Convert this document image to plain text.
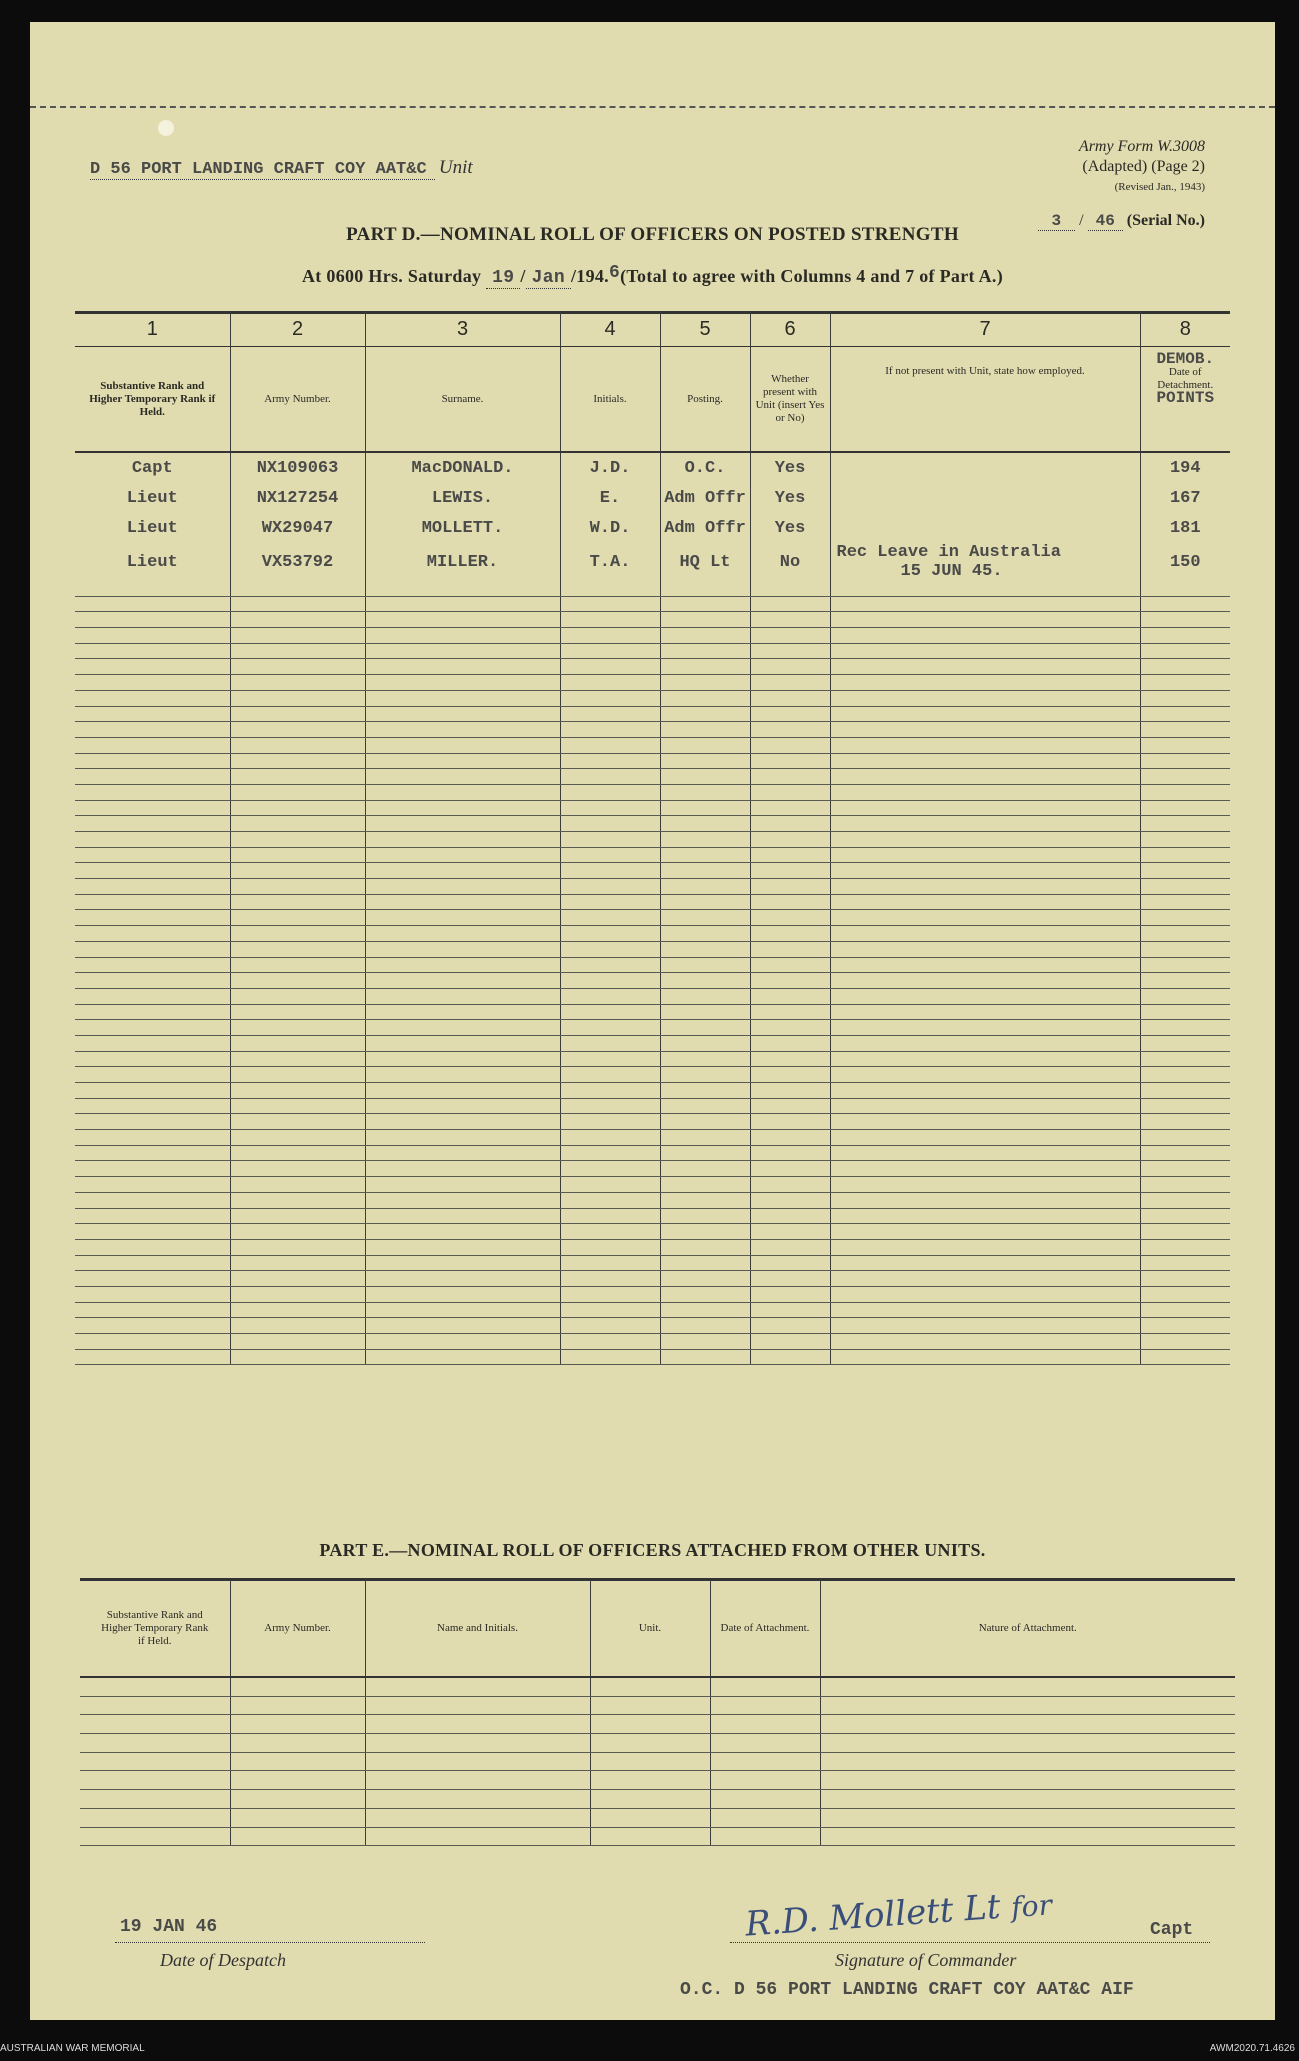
D 56 PORT LANDING CRAFT COY AAT&C Unit
Army Form W.3008
(Adapted) (Page 2)
(Revised Jan., 1943)
3 / 46 (Serial No.)
PART D.—NOMINAL ROLL OF OFFICERS ON POSTED STRENGTH
At 0600 Hrs. Saturday 19 / Jan /194.6(Total to agree with Columns 4 and 7 of Part A.)
1	2	3	4	5	6	7	8
Substantive Rank and Higher Temporary Rank if Held.	Army Number.	Surname.	Initials.	Posting.	Whether present with Unit (insert Yes or No)	If not present with Unit, state how employed.	DEMOB.
Date of Detachment.
POINTS

Capt	NX109063	MacDONALD.	J.D.	O.C.	Yes		194

Lieut	NX127254	LEWIS.	E.	Adm Offr	Yes		167

Lieut	WX29047	MOLLETT.	W.D.	Adm Offr	Yes		181

Lieut	VX53792	MILLER.	T.A.	HQ Lt	No	Rec Leave in Australia
15 JUN 45.	150

PART E.—NOMINAL ROLL OF OFFICERS ATTACHED FROM OTHER UNITS.
Substantive Rank and Higher Temporary Rank if Held.	Army Number.	Name and Initials.	Unit.	Date of Attachment.	Nature of Attachment.

19 JAN 46
Date of Despatch
R.D. Mollett Lt for
Capt
Signature of Commander
O.C. D 56 PORT LANDING CRAFT COY AAT&C AIF
AUSTRALIAN WAR MEMORIAL	AWM2020.71.4626
